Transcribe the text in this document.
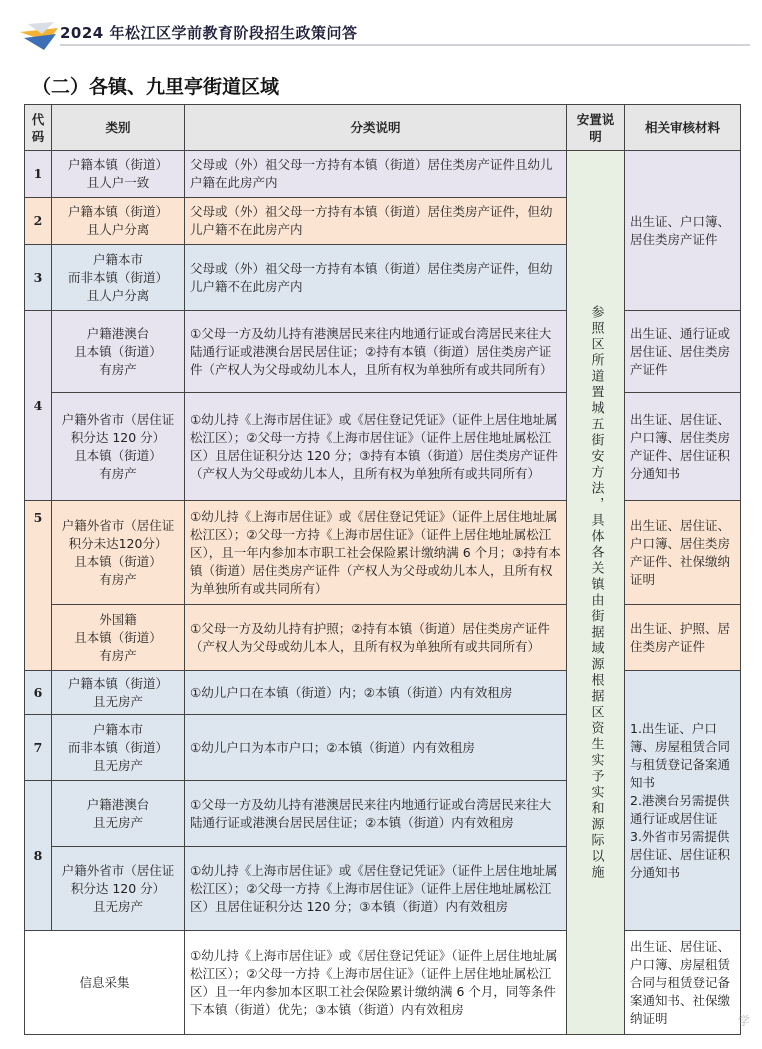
2024 年松江区学前教育阶段招生政策问答
（二）各镇、九里亭街道区域
代码	类别	分类说明	安置说明	相关审核材料
1	户籍本镇（街道）
且人户一致	父母或（外）祖父母一方持有本镇（街道）居住类房产证件且幼儿户籍在此房产内	参照区所道置城五街安方法，具体各关镇由街据域源根据区资生实予实和源际以施	出生证、户口簿、居住类房产证件
2	户籍本镇（街道）
且人户分离	父母或（外）祖父母一方持有本镇（街道）居住类房产证件，但幼儿户籍不在此房产内		
3	户籍本市
而非本镇（街道）
且人户分离	父母或（外）祖父母一方持有本镇（街道）居住类房产证件，但幼儿户籍不在此房产内		
4	户籍港澳台
且本镇（街道）
有房产	①父母一方及幼儿持有港澳居民来往内地通行证或台湾居民来往大陆通行证或港澳台居民居住证；②持有本镇（街道）居住类房产证件（产权人为父母或幼儿本人，且所有权为单独所有或共同所有）		出生证、通行证或居住证、居住类房产证件
	户籍外省市（居住证积分达 120 分）
且本镇（街道）
有房产	①幼儿持《上海市居住证》或《居住登记凭证》（证件上居住地址属松江区）；②父母一方持《上海市居住证》（证件上居住地址属松江区）且居住证积分达 120 分；③持有本镇（街道）居住类房产证件（产权人为父母或幼儿本人，且所有权为单独所有或共同所有）		出生证、居住证、户口簿、居住类房产证件、居住证积分通知书
5	户籍外省市（居住证积分未达120分）
且本镇（街道）
有房产	①幼儿持《上海市居住证》或《居住登记凭证》（证件上居住地址属松江区）；②父母一方持《上海市居住证》（证件上居住地址属松江区），且一年内参加本市职工社会保险累计缴纳满 6 个月；③持有本镇（街道）居住类房产证件（产权人为父母或幼儿本人，且所有权为单独所有或共同所有）		出生证、居住证、户口簿、居住类房产证件、社保缴纳证明
	外国籍
且本镇（街道）
有房产	①父母一方及幼儿持有护照；②持有本镇（街道）居住类房产证件（产权人为父母或幼儿本人，且所有权为单独所有或共同所有）		出生证、护照、居住类房产证件
6	户籍本镇（街道）
且无房产	①幼儿户口在本镇（街道）内；②本镇（街道）内有效租房		1.出生证、户口簿、房屋租赁合同与租赁登记备案通知书
2.港澳台另需提供通行证或居住证
3.外省市另需提供居住证、居住证积分通知书
7	户籍本市
而非本镇（街道）
且无房产	①幼儿户口为本市户口；②本镇（街道）内有效租房		
8	户籍港澳台
且无房产	①父母一方及幼儿持有港澳居民来往内地通行证或台湾居民来往大陆通行证或港澳台居民居住证；②本镇（街道）内有效租房		
	户籍外省市（居住证积分达 120 分）
且无房产	①幼儿持《上海市居住证》或《居住登记凭证》（证件上居住地址属松江区）；②父母一方持《上海市居住证》（证件上居住地址属松江区）且居住证积分达 120 分；③本镇（街道）内有效租房		
信息采集		①幼儿持《上海市居住证》或《居住登记凭证》（证件上居住地址属松江区）；②父母一方持《上海市居住证》（证件上居住地址属松江区）且一年内参加本区职工社会保险累计缴纳满 6 个月，同等条件下本镇（街道）优先；③本镇（街道）内有效租房		出生证、居住证、户口簿、房屋租赁合同与租赁登记备案通知书、社保缴纳证明	学
